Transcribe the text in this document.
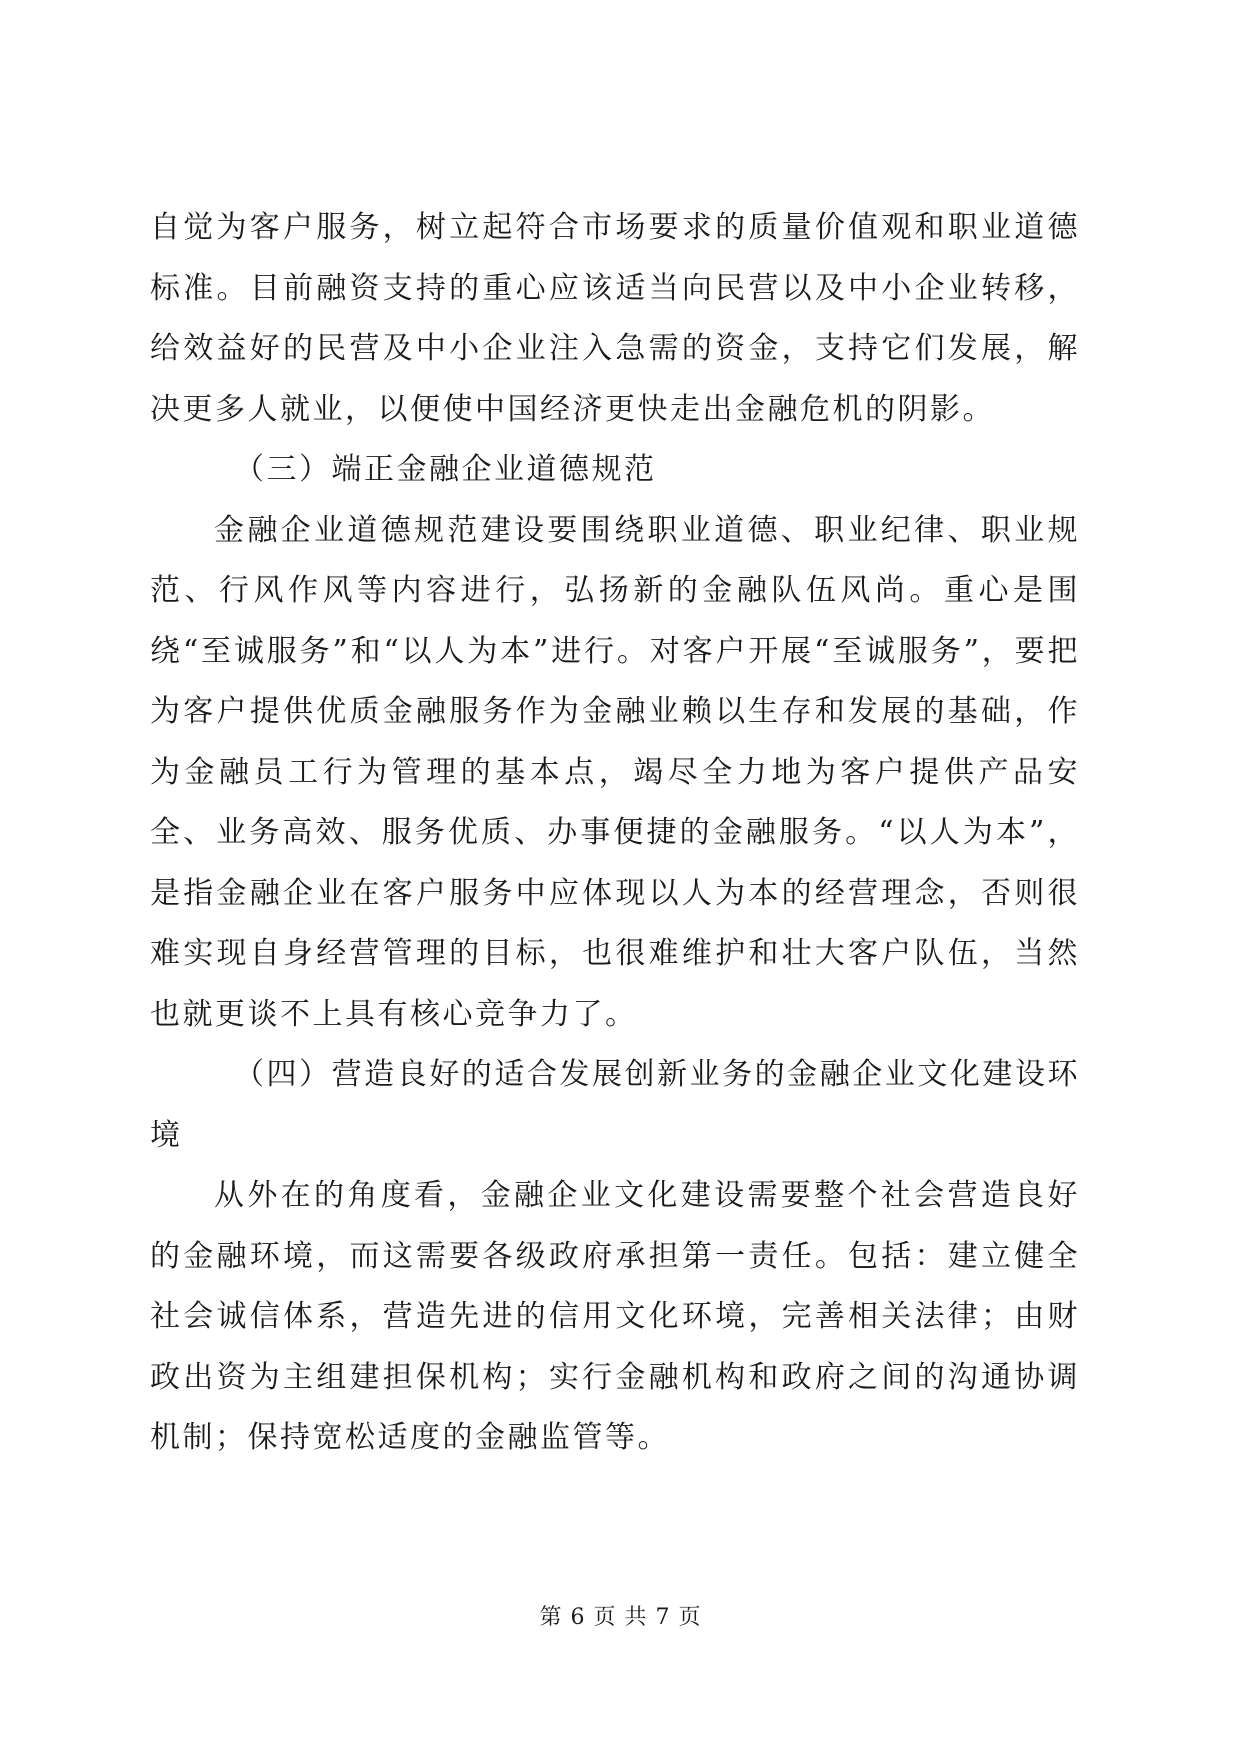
自觉为客户服务，树立起符合市场要求的质量价值观和职业道德标准。目前融资支持的重心应该适当向民营以及中小企业转移，给效益好的民营及中小企业注入急需的资金，支持它们发展，解决更多人就业，以便使中国经济更快走出金融危机的阴影。

（三）端正金融企业道德规范

金融企业道德规范建设要围绕职业道德、职业纪律、职业规范、行风作风等内容进行，弘扬新的金融队伍风尚。重心是围绕“至诚服务”和“以人为本”进行。对客户开展“至诚服务”，要把为客户提供优质金融服务作为金融业赖以生存和发展的基础，作为金融员工行为管理的基本点，竭尽全力地为客户提供产品安全、业务高效、服务优质、办事便捷的金融服务。“以人为本”，是指金融企业在客户服务中应体现以人为本的经营理念，否则很难实现自身经营管理的目标，也很难维护和壮大客户队伍，当然也就更谈不上具有核心竞争力了。

（四）营造良好的适合发展创新业务的金融企业文化建设环境

从外在的角度看，金融企业文化建设需要整个社会营造良好的金融环境，而这需要各级政府承担第一责任。包括：建立健全社会诚信体系，营造先进的信用文化环境，完善相关法律；由财政出资为主组建担保机构；实行金融机构和政府之间的沟通协调机制；保持宽松适度的金融监管等。

第 6 页 共 7 页
